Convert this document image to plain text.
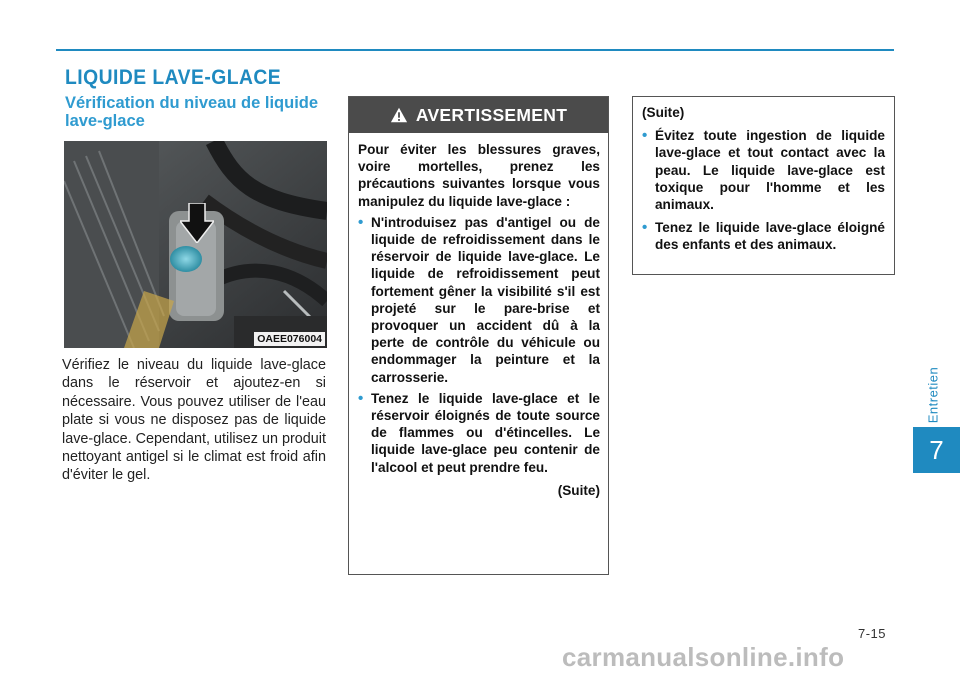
LIQUIDE LAVE-GLACE
Vérification du niveau de liquide lave-glace
OAEE076004
Vérifiez le niveau du liquide lave-glace dans le réservoir et ajoutez-en si nécessaire. Vous pouvez utiliser de l'eau plate si vous ne disposez pas de liquide lave-glace. Cependant, utilisez un produit nettoyant antigel si le climat est froid afin d'éviter le gel.
AVERTISSEMENT

Pour éviter les blessures graves, voire mortelles, prenez les précautions suivantes lorsque vous manipulez du liquide lave-glace :

• N'introduisez pas d'antigel ou de liquide de refroidissement dans le réservoir de liquide lave-glace. Le liquide de refroidissement peut fortement gêner la visibilité s'il est projeté sur le pare-brise et provoquer un accident dû à la perte de contrôle du véhicule ou endommager la peinture et la carrosserie.
• Tenez le liquide lave-glace et le réservoir éloignés de toute source de flammes ou d'étincelles. Le liquide lave-glace peu contenir de l'alcool et peut prendre feu.
(Suite)
(Suite)
• Évitez toute ingestion de liquide lave-glace et tout contact avec la peau. Le liquide lave-glace est toxique pour l'homme et les animaux.
• Tenez le liquide lave-glace éloigné des enfants et des animaux.
Entretien
7
7-15
carmanualsonline.info
